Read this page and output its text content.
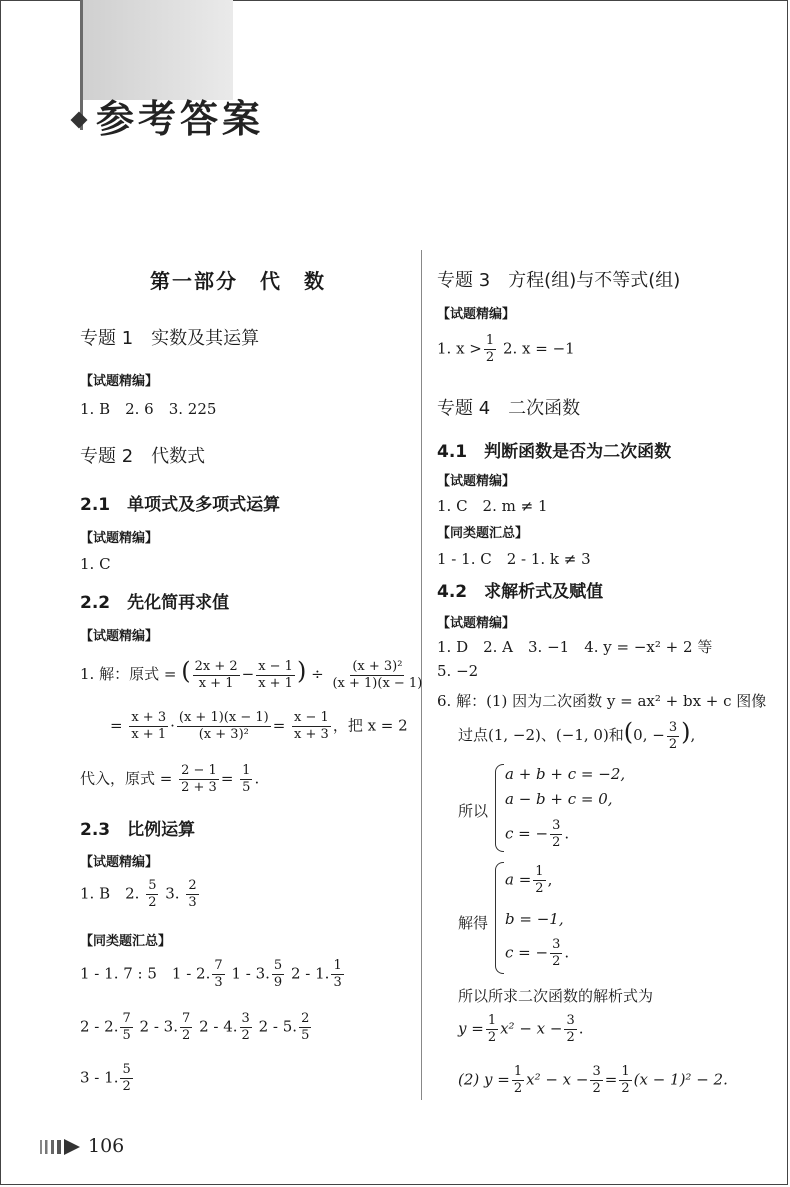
参考答案
第一部分　代　数
专题 1　实数及其运算
【试题精编】
1. B　2. 6　3. 225
专题 2　代数式
2.1　单项式及多项式运算
【试题精编】
1. C
2.2　先化简再求值
【试题精编】
1. 解：原式 = ( $\frac{2x + 2}{x + 1} - \frac{x - 1}{x + 1}$ ) ÷ $\frac{\text{(x + 3)²}}{(x + 1)(x - 1)}$
= $\frac{x + 3}{x + 1} \cdot \frac{(x + 1)(x - 1)}{\text{(x + 3)²}} = \frac{x - 1}{x + 3}$ ，把 x = 2
代入，原式 = $\frac{2 - 1}{2 + 3} = \frac{1}{5}$ .
2.3　比例运算
【试题精编】
1. B　2. $\frac{5}{2} 3$. $\frac{2}{3}$
【同类题汇总】
1 - 1. 7 : 5　1 - 2. $\frac{7}{3} 1 - 3$. $\frac{5}{9} 2 - 1$. $\frac{1}{3}$
2 - 2. $\frac{7}{5} 2 - 3$. $\frac{7}{2} 2 - 4$. $\frac{3}{2} 2 - 5$. $\frac{2}{5}$
3 - 1. $\frac{5}{2}$
专题 3　方程(组)与不等式(组)
【试题精编】
1. $x > \frac{1}{2} 2$. x = −1
专题 4　二次函数
4.1　判断函数是否为二次函数
【试题精编】
1. C　2. m ≠ 1
【同类题汇总】
1 - 1. C　2 - 1. k ≠ 3
4.2　求解析式及赋值
【试题精编】
1. D　2. A　3. −1　4. y = −x² + 2 等
5. −2
6. 解：(1) 因为二次函数 y = ax² + bx + c 图像
过点(1, −2)、(−1, 0)和(0, − $\frac{3}{2}$ ),
所以
a + b + c = −2,
a − b + c = 0,
c = − $\frac{3}{2}$ .
解得
$a = \frac{1}{2}$ ,
b = −1,
c = − $\frac{3}{2}$ .
所以所求二次函数的解析式为
$y = \frac{1}{2} x^2 - x - \frac{3}{2}$ .
(2) $y = \frac{1}{2} x^2 - x - \frac{3}{2} = \frac{1}{2} (x - 1)^2 - 2$.
106
